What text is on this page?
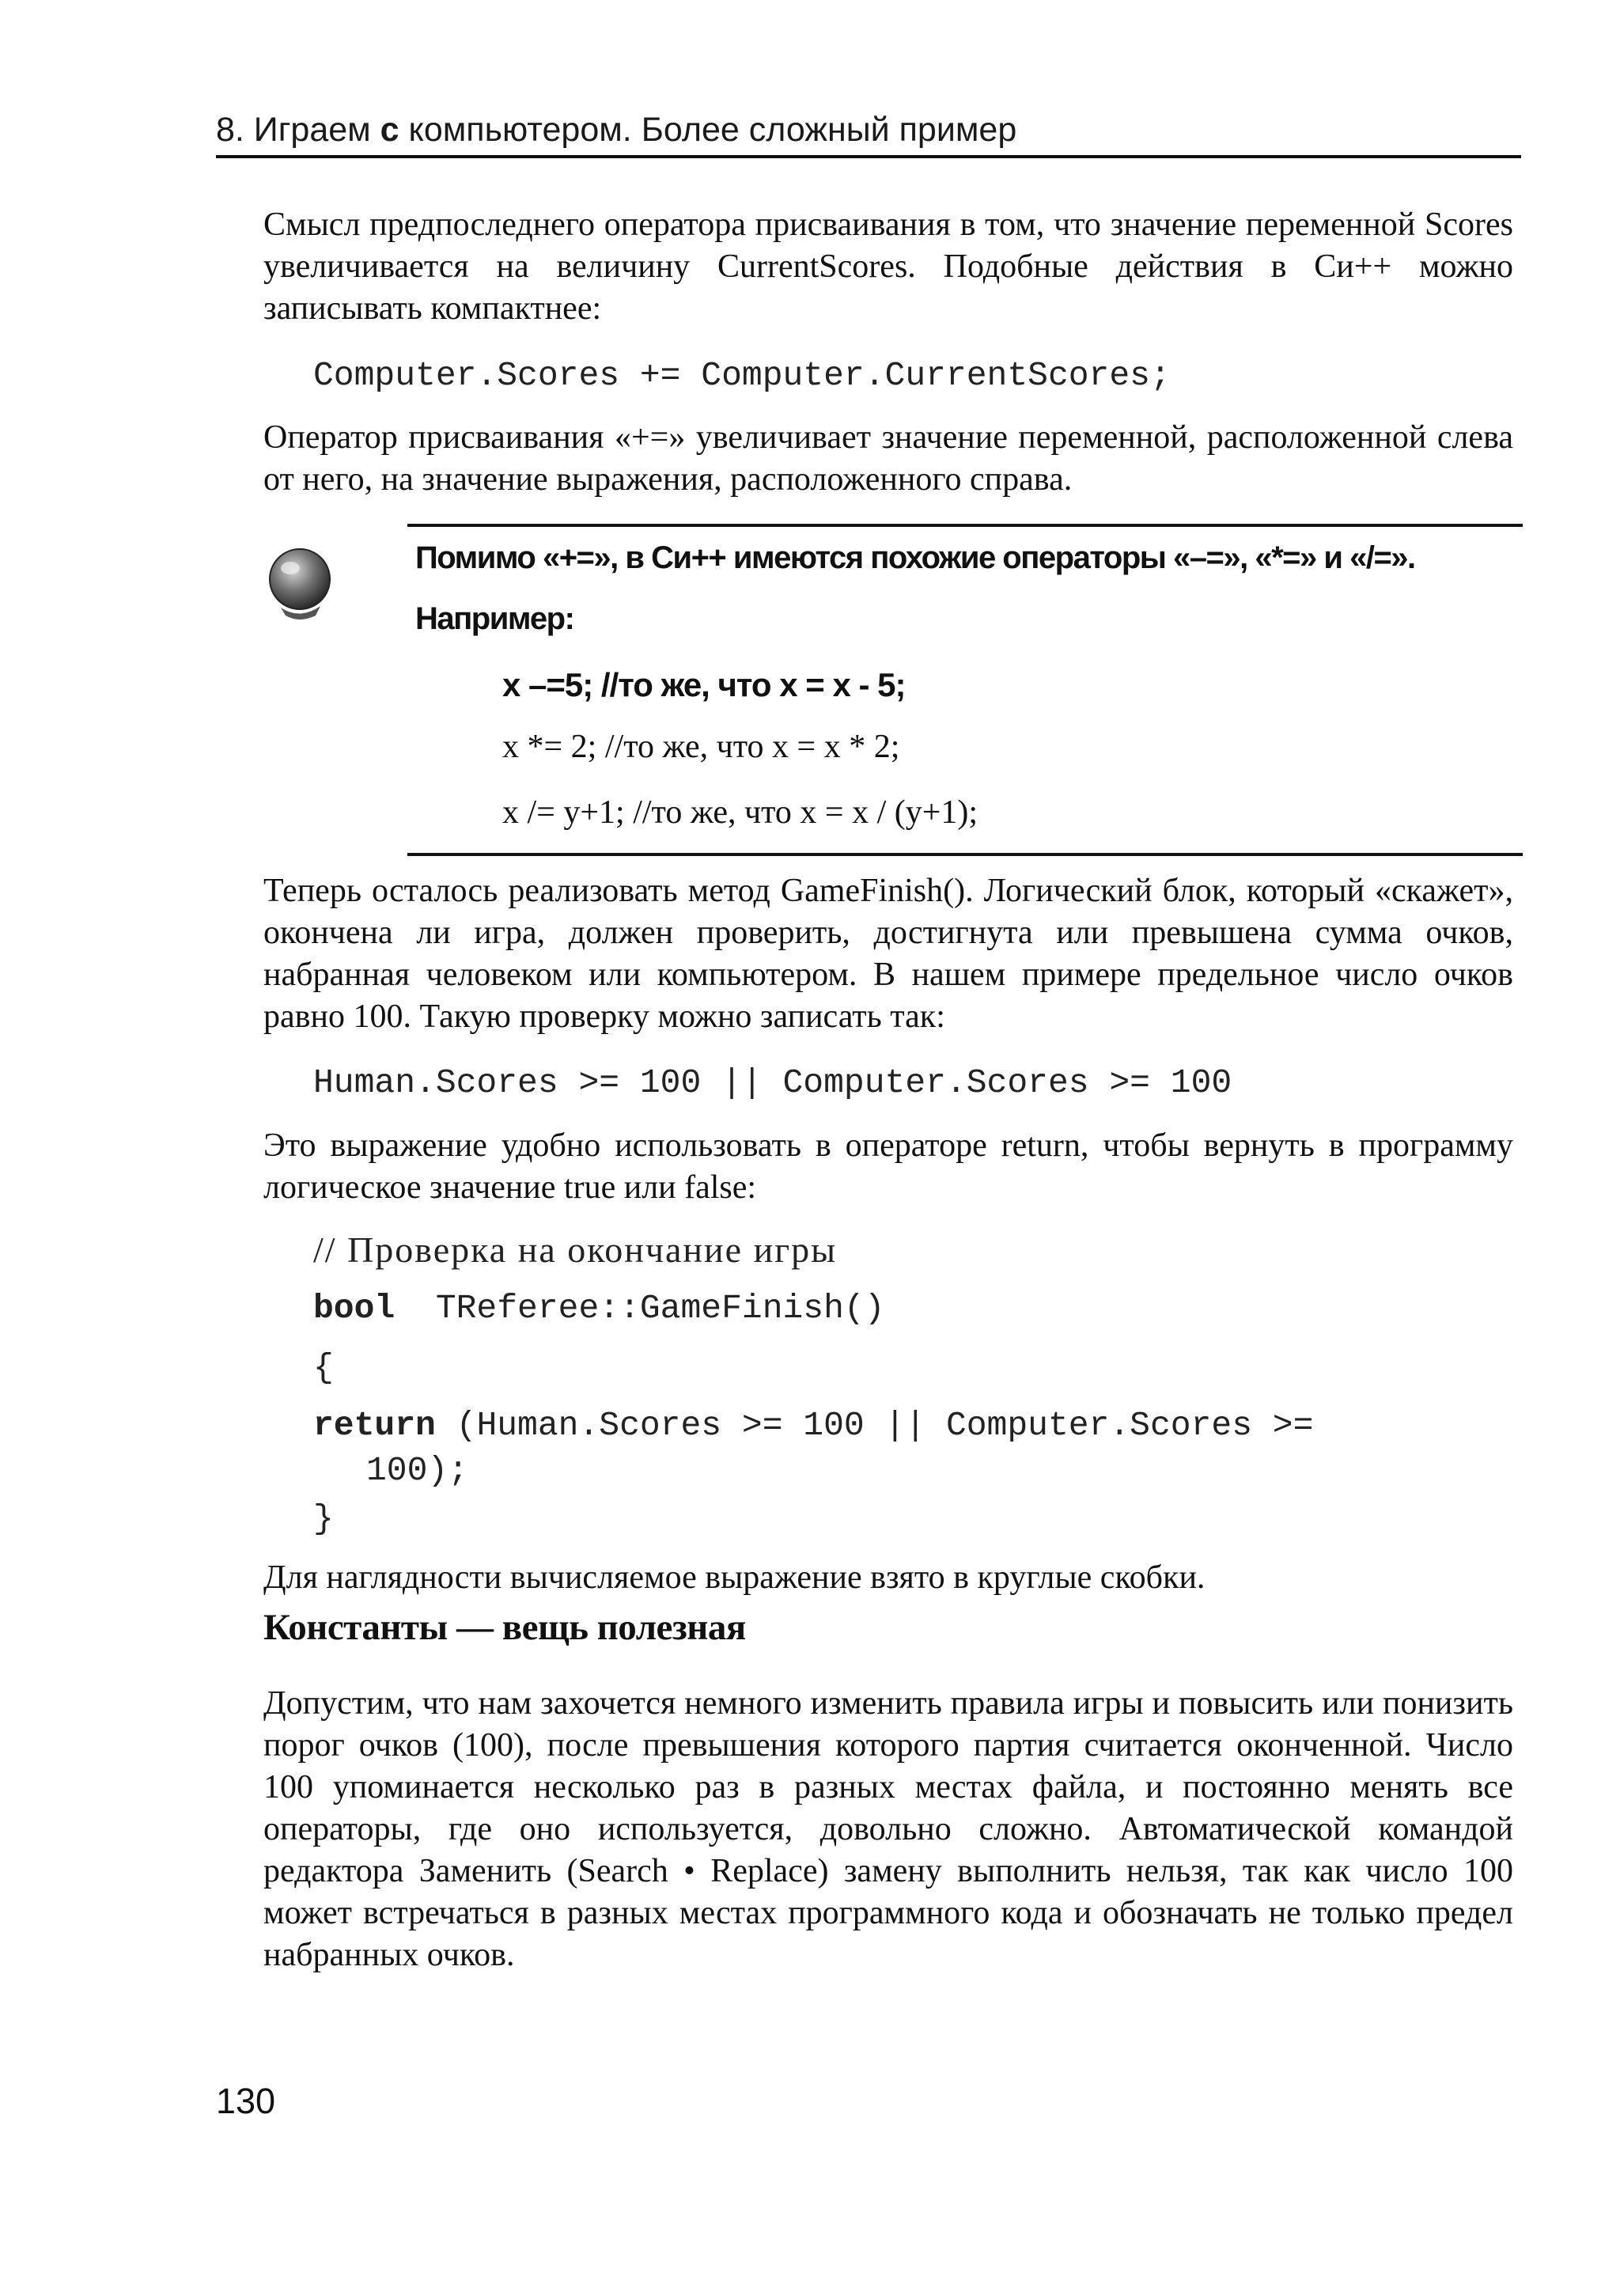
8. Играем с компьютером. Более сложный пример

Смысл предпоследнего оператора присваивания в том, что значение переменной Scores увеличивается на величину CurrentScores. Подобные действия в Си++ можно записывать компактнее:

Computer.Scores += Computer.CurrentScores;

Оператор присваивания «+=» увеличивает значение переменной, расположенной слева от него, на значение выражения, расположенного справа.

Помимо «+=», в Си++ имеются похожие операторы «–=», «*=» и «/=».

Например:

x –=5; //то же, что x = x - 5;

x *= 2; //то же, что x = x * 2;

x /= y+1; //то же, что x = x / (y+1);

Теперь осталось реализовать метод GameFinish(). Логический блок, который «скажет», окончена ли игра, должен проверить, достигнута или превышена сумма очков, набранная человеком или компьютером. В нашем примере предельное число очков равно 100. Такую проверку можно записать так:

Human.Scores >= 100 || Computer.Scores >= 100

Это выражение удобно использовать в операторе return, чтобы вернуть в программу логическое значение true или false:

// Проверка на окончание игры
bool TReferee::GameFinish()
{
return (Human.Scores >= 100 || Computer.Scores >=
100);
}

Для наглядности вычисляемое выражение взято в круглые скобки.

Константы — вещь полезная

Допустим, что нам захочется немного изменить правила игры и повысить или понизить порог очков (100), после превышения которого партия считается оконченной. Число 100 упоминается несколько раз в разных местах файла, и постоянно менять все операторы, где оно используется, довольно сложно. Автоматической командой редактора Заменить (Search • Replace) замену выполнить нельзя, так как число 100 может встречаться в разных местах программного кода и обозначать не только предел набранных очков.

130
